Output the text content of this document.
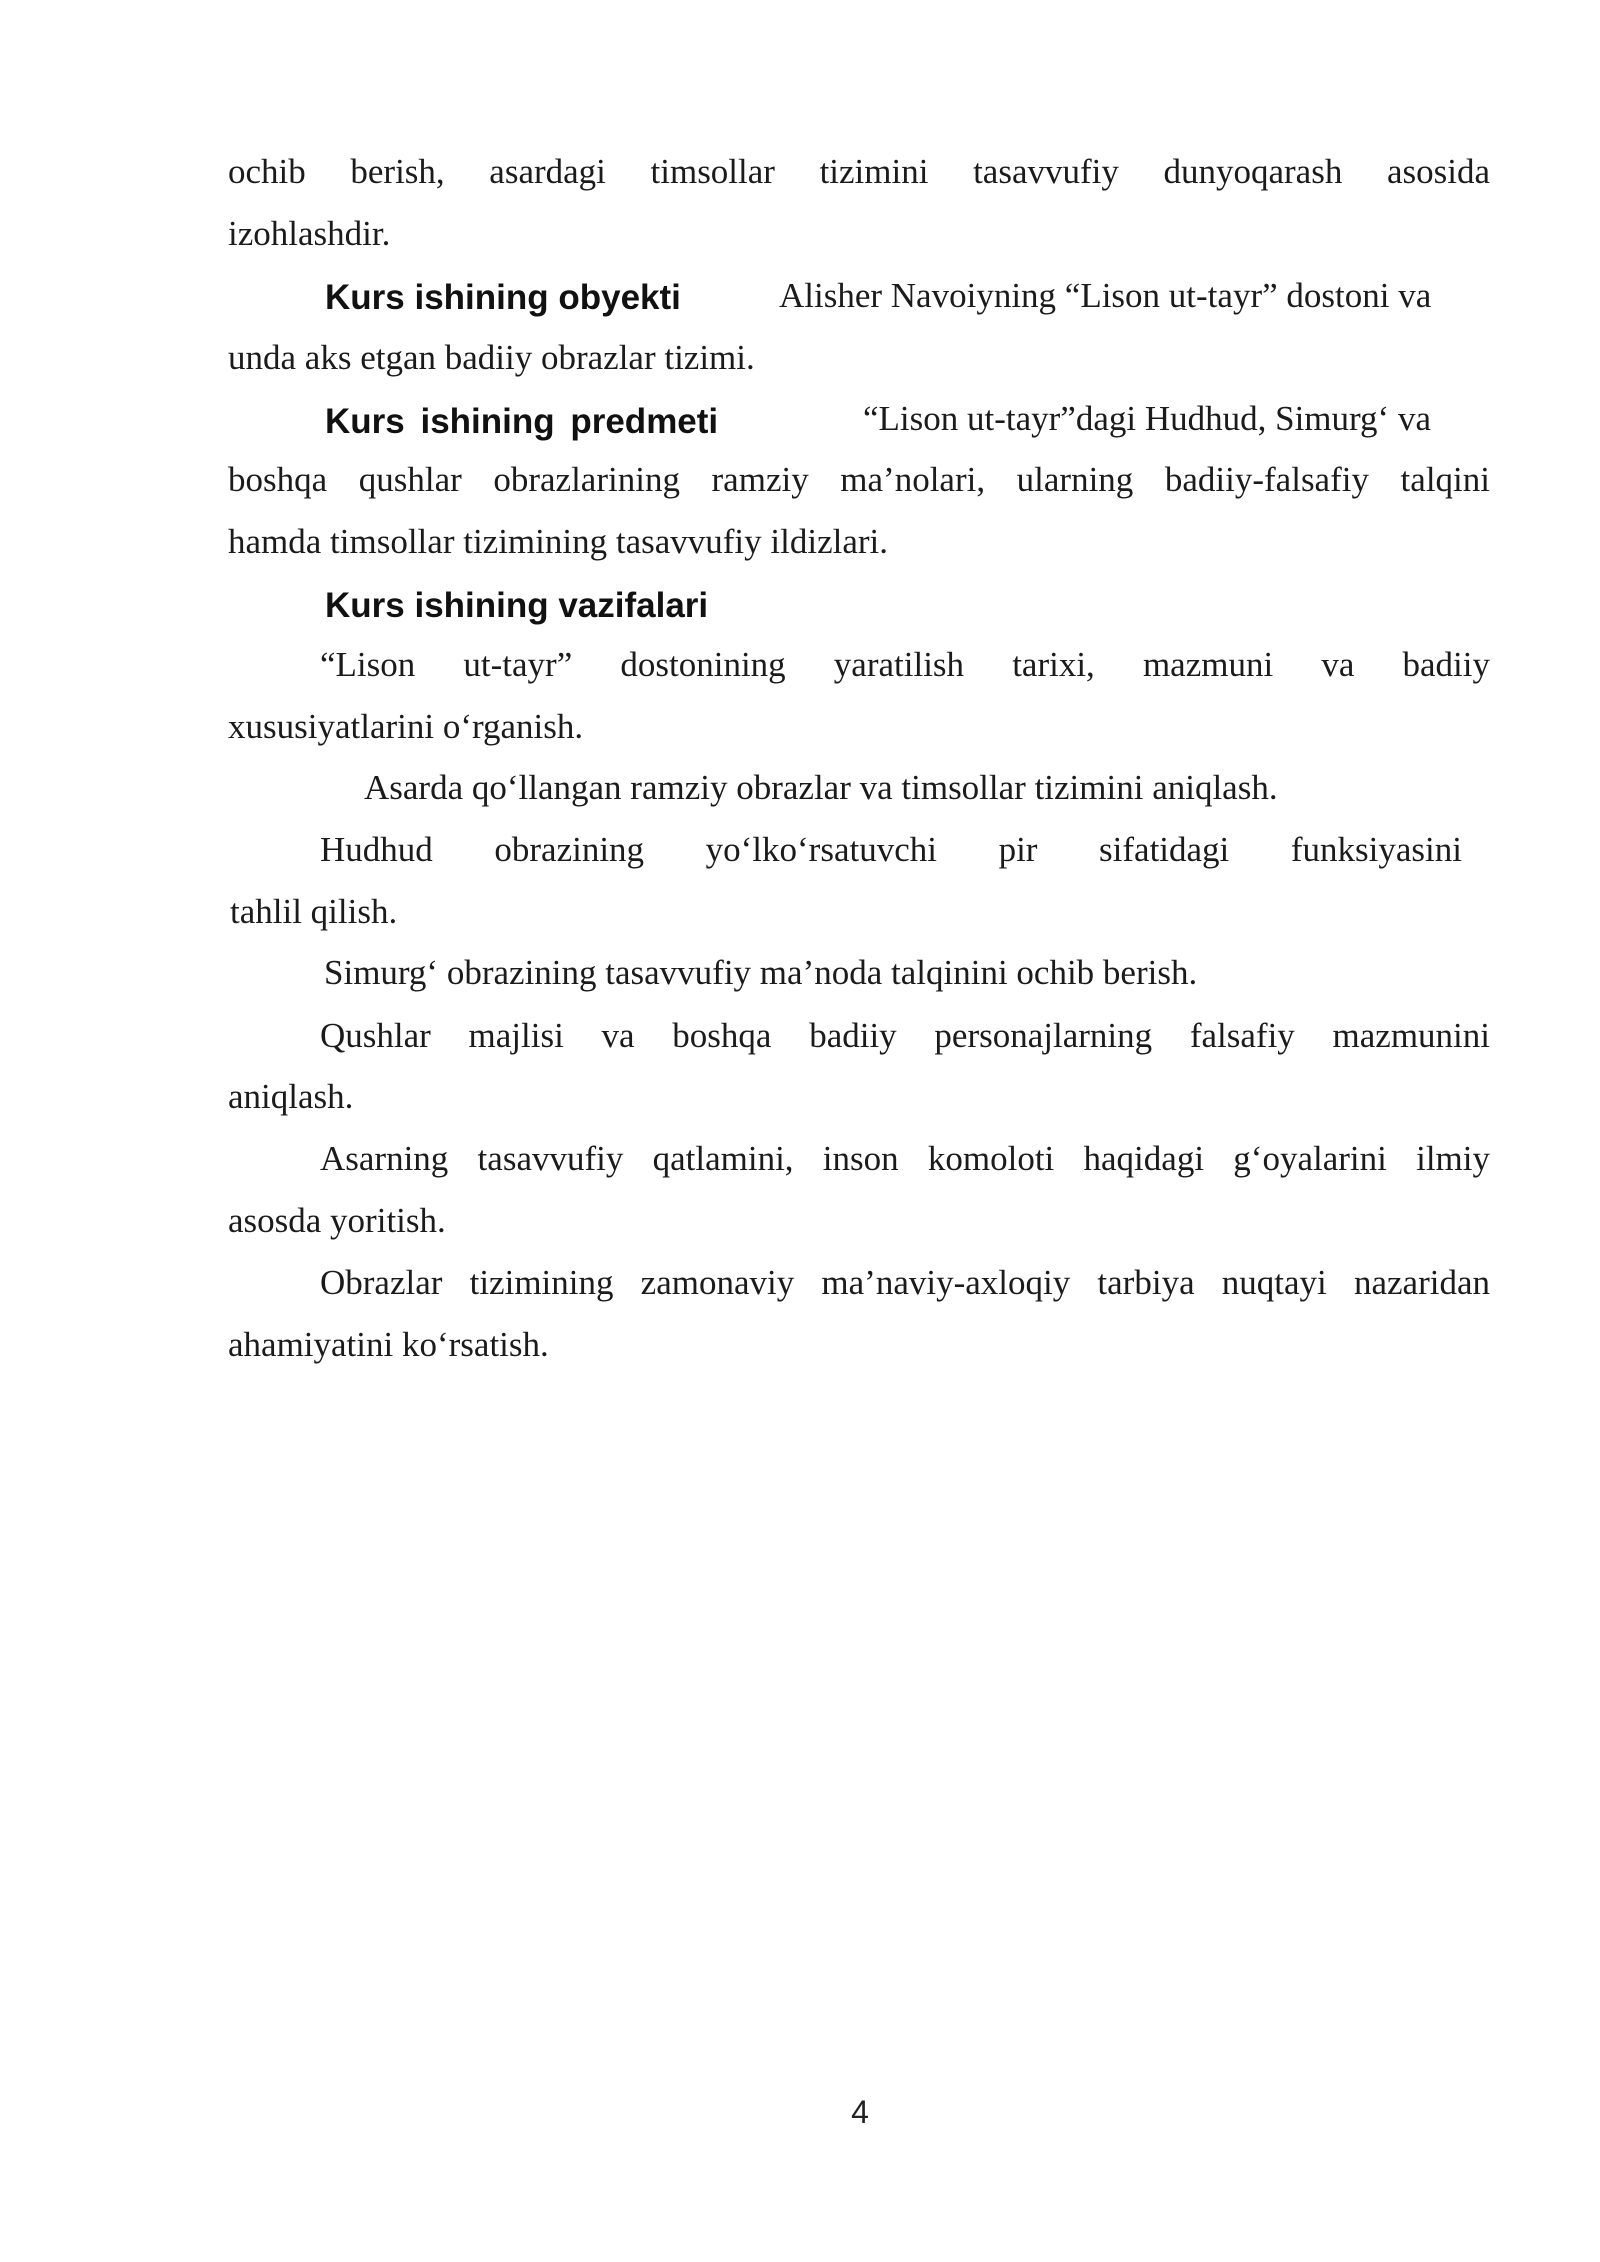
ochib berish, asardagi timsollar tizimini tasavvufiy dunyoqarash asosida
izohlashdir.
Kurs ishining obyekti	Alisher Navoiyning “Lison ut-tayr” dostoni va
unda aks etgan badiiy obrazlar tizimi.
Kurs ishining predmeti	“Lison ut-tayr”dagi Hudhud, Simurg‘ va
boshqa qushlar obrazlarining ramziy ma’nolari, ularning badiiy-falsafiy talqini
hamda timsollar tizimining tasavvufiy ildizlari.
Kurs ishining vazifalari
“Lison ut-tayr” dostonining yaratilish tarixi, mazmuni va badiiy
xususiyatlarini o‘rganish.
Asarda qo‘llangan ramziy obrazlar va timsollar tizimini aniqlash.
Hudhud obrazining yo‘lko‘rsatuvchi pir sifatidagi funksiyasini
tahlil qilish.
Simurg‘ obrazining tasavvufiy ma’noda talqinini ochib berish.
Qushlar majlisi va boshqa badiiy personajlarning falsafiy mazmunini
aniqlash.
Asarning tasavvufiy qatlamini, inson komoloti haqidagi g‘oyalarini ilmiy
asosda yoritish.
Obrazlar tizimining zamonaviy ma’naviy-axloqiy tarbiya nuqtayi nazaridan
ahamiyatini ko‘rsatish.
4
